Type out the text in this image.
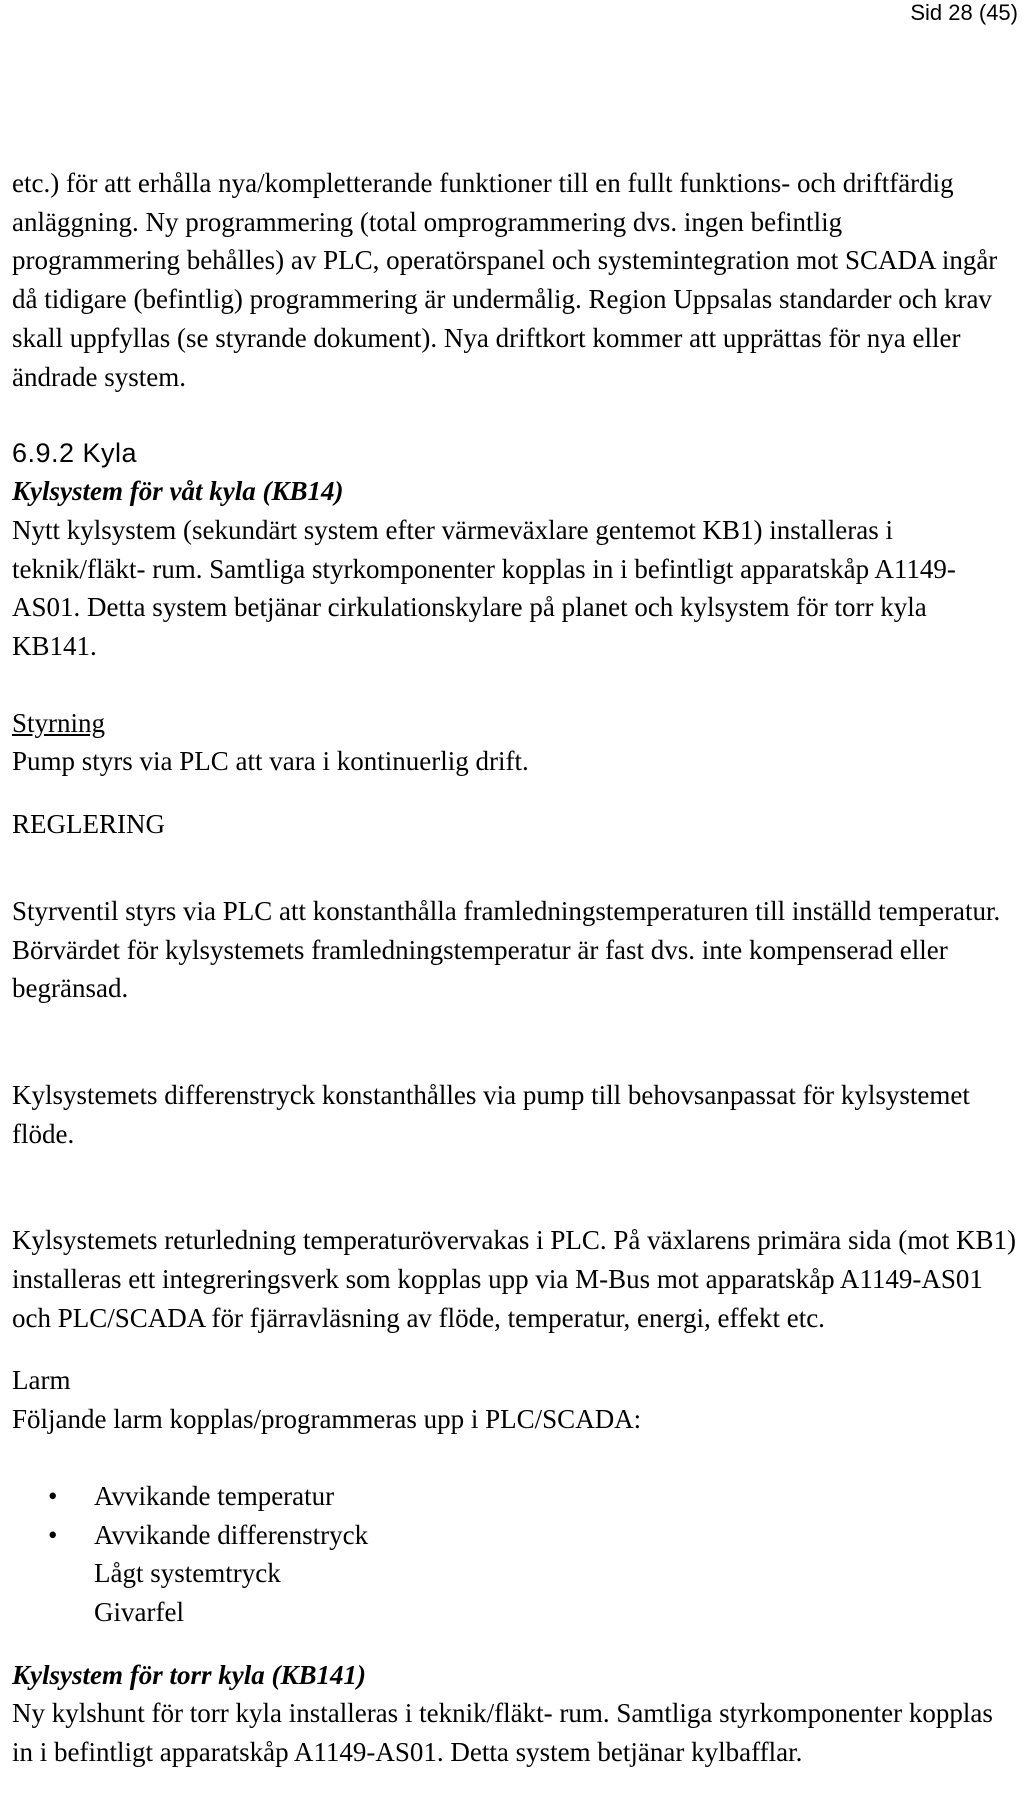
Sid 28 (45)

etc.) för att erhålla nya/kompletterande funktioner till en fullt funktions- och driftfärdig anläggning. Ny programmering (total omprogrammering dvs. ingen befintlig programmering behålles) av PLC, operatörspanel och systemintegration mot SCADA ingår då tidigare (befintlig) programmering är undermålig. Region Uppsalas standarder och krav skall uppfyllas (se styrande dokument). Nya driftkort kommer att upprättas för nya eller ändrade system.

6.9.2 Kyla
Kylsystem för våt kyla (KB14)

Nytt kylsystem (sekundärt system efter värmeväxlare gentemot KB1) installeras i teknik/fläkt- rum. Samtliga styrkomponenter kopplas in i befintligt apparatskåp A1149-AS01. Detta system betjänar cirkulationskylare på planet och kylsystem för torr kyla KB141.

Styrning

Pump styrs via PLC att vara i kontinuerlig drift.

REGLERING

Styrventil styrs via PLC att konstanthålla framledningstemperaturen till inställd temperatur. Börvärdet för kylsystemets framledningstemperatur är fast dvs. inte kompenserad eller begränsad.

Kylsystemets differenstryck konstanthålles via pump till behovsanpassat för kylsystemet flöde.

Kylsystemets returledning temperaturövervakas i PLC. På växlarens primära sida (mot KB1) installeras ett integreringsverk som kopplas upp via M-Bus mot apparatskåp A1149-AS01 och PLC/SCADA för fjärravläsning av flöde, temperatur, energi, effekt etc.

Larm

Följande larm kopplas/programmeras upp i PLC/SCADA:

• Avvikande temperatur
• Avvikande differenstryck
Lågt systemtryck
Givarfel
Kylsystem för torr kyla (KB141)

Ny kylshunt för torr kyla installeras i teknik/fläkt- rum. Samtliga styrkomponenter kopplas in i befintligt apparatskåp A1149-AS01. Detta system betjänar kylbafflar.
